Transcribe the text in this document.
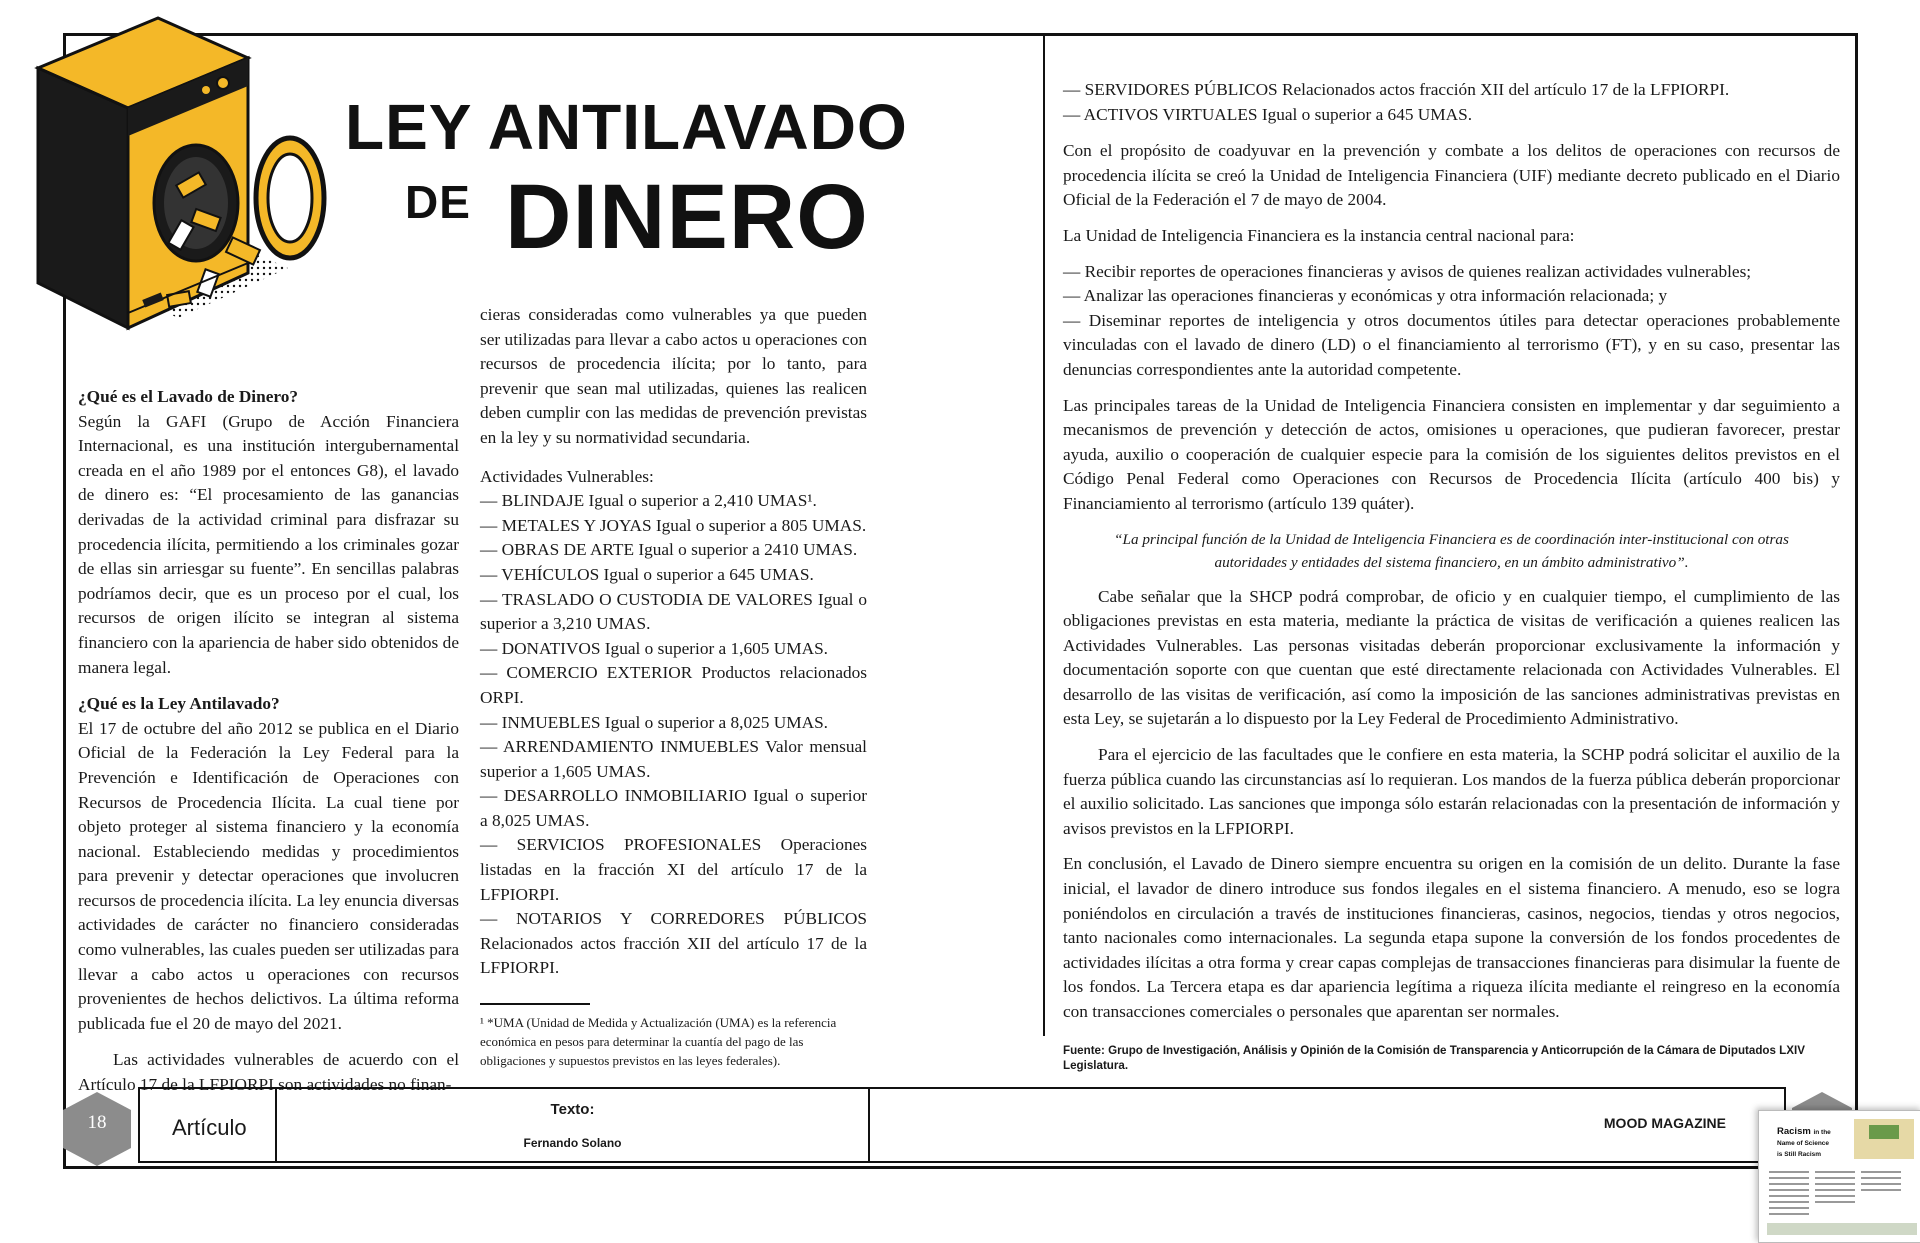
LEY ANTILAVADO
DE DINERO
¿Qué es el Lavado de Dinero?

Según la GAFI (Grupo de Acción Financiera Internacional, es una institución intergubernamental creada en el año 1989 por el entonces G8), el lavado de dinero es: “El procesamiento de las ganancias derivadas de la actividad criminal para disfrazar su procedencia ilícita, permitiendo a los criminales gozar de ellas sin arriesgar su fuente”. En sencillas palabras podríamos decir, que es un proceso por el cual, los recursos de origen ilícito se integran al sistema financiero con la apariencia de haber sido obtenidos de manera legal.

¿Qué es la Ley Antilavado?

El 17 de octubre del año 2012 se publica en el Diario Oficial de la Federación la Ley Federal para la Prevención e Identificación de Operaciones con Recursos de Procedencia Ilícita. La cual tiene por objeto proteger al sistema financiero y la economía nacional. Estableciendo medidas y procedimientos para prevenir y detectar operaciones que involucren recursos de procedencia ilícita. La ley enuncia diversas actividades de carácter no financiero consideradas como vulnerables, las cuales pueden ser utilizadas para llevar a cabo actos u operaciones con recursos provenientes de hechos delictivos. La última reforma publicada fue el 20 de mayo del 2021.

Las actividades vulnerables de acuerdo con el Artículo 17 de la LFPIORPI son actividades no finan-

cieras consideradas como vulnerables ya que pueden ser utilizadas para llevar a cabo actos u operaciones con recursos de procedencia ilícita; por lo tanto, para prevenir que sean mal utilizadas, quienes las realicen deben cumplir con las medidas de prevención previstas en la ley y su normatividad secundaria.

Actividades Vulnerables:
— BLINDAJE Igual o superior a 2,410 UMAS¹.
— METALES Y JOYAS Igual o superior a 805 UMAS.
— OBRAS DE ARTE Igual o superior a 2410 UMAS.
— VEHÍCULOS Igual o superior a 645 UMAS.
— TRASLADO O CUSTODIA DE VALORES Igual o superior a 3,210 UMAS.
— DONATIVOS Igual o superior a 1,605 UMAS.
— COMERCIO EXTERIOR Productos relacionados ORPI.
— INMUEBLES Igual o superior a 8,025 UMAS.
— ARRENDAMIENTO INMUEBLES Valor mensual superior a 1,605 UMAS.
— DESARROLLO INMOBILIARIO Igual o superior a 8,025 UMAS.
— SERVICIOS PROFESIONALES Operaciones listadas en la fracción XI del artículo 17 de la LFPIORPI.
— NOTARIOS Y CORREDORES PÚBLICOS Relacionados actos fracción XII del artículo 17 de la LFPIORPI.
¹ *UMA (Unidad de Medida y Actualización (UMA) es la referencia económica en pesos para determinar la cuantía del pago de las obligaciones y supuestos previstos en las leyes federales).
— SERVIDORES PÚBLICOS Relacionados actos fracción XII del artículo 17 de la LFPIORPI.
— ACTIVOS VIRTUALES Igual o superior a 645 UMAS.

Con el propósito de coadyuvar en la prevención y combate a los delitos de operaciones con recursos de procedencia ilícita se creó la Unidad de Inteligencia Financiera (UIF) mediante decreto publicado en el Diario Oficial de la Federación el 7 de mayo de 2004.

La Unidad de Inteligencia Financiera es la instancia central nacional para:

— Recibir reportes de operaciones financieras y avisos de quienes realizan actividades vulnerables;
— Analizar las operaciones financieras y económicas y otra información relacionada; y
— Diseminar reportes de inteligencia y otros documentos útiles para detectar operaciones probablemente vinculadas con el lavado de dinero (LD) o el financiamiento al terrorismo (FT), y en su caso, presentar las denuncias correspondientes ante la autoridad competente.

Las principales tareas de la Unidad de Inteligencia Financiera consisten en implementar y dar seguimiento a mecanismos de prevención y detección de actos, omisiones u operaciones, que pudieran favorecer, prestar ayuda, auxilio o cooperación de cualquier especie para la comisión de los siguientes delitos previstos en el Código Penal Federal como Operaciones con Recursos de Procedencia Ilícita (artículo 400 bis) y Financiamiento al terrorismo (artículo 139 quáter).

“La principal función de la Unidad de Inteligencia Financiera es de coordinación inter-institucional con otras autoridades y entidades del sistema financiero, en un ámbito administrativo”.

Cabe señalar que la SHCP podrá comprobar, de oficio y en cualquier tiempo, el cumplimiento de las obligaciones previstas en esta materia, mediante la práctica de visitas de verificación a quienes realicen las Actividades Vulnerables. Las personas visitadas deberán proporcionar exclusivamente la información y documentación soporte con que cuentan que esté directamente relacionada con Actividades Vulnerables. El desarrollo de las visitas de verificación, así como la imposición de las sanciones administrativas previstas en esta Ley, se sujetarán a lo dispuesto por la Ley Federal de Procedimiento Administrativo.

Para el ejercicio de las facultades que le confiere en esta materia, la SCHP podrá solicitar el auxilio de la fuerza pública cuando las circunstancias así lo requieran. Los mandos de la fuerza pública deberán proporcionar el auxilio solicitado. Las sanciones que imponga sólo estarán relacionadas con la presentación de información y avisos previstos en la LFPIORPI.

En conclusión, el Lavado de Dinero siempre encuentra su origen en la comisión de un delito. Durante la fase inicial, el lavador de dinero introduce sus fondos ilegales en el sistema financiero. A menudo, eso se logra poniéndolos en circulación a través de instituciones financieras, casinos, negocios, tiendas y otros negocios, tanto nacionales como internacionales. La segunda etapa supone la conversión de los fondos procedentes de actividades ilícitas a otra forma y crear capas complejas de transacciones financieras para disimular la fuente de los fondos. La Tercera etapa es dar apariencia legítima a riqueza ilícita mediante el reingreso en la economía con transacciones comerciales o personales que aparentan ser normales.

Fuente: Grupo de Investigación, Análisis y Opinión de la Comisión de Transparencia y Anticorrupción de la Cámara de Diputados LXIV Legislatura.
18	Artículo
Texto:
Fernando Solano
MOOD MAGAZINE
Racism in the
Name of Science
is Still Racism
